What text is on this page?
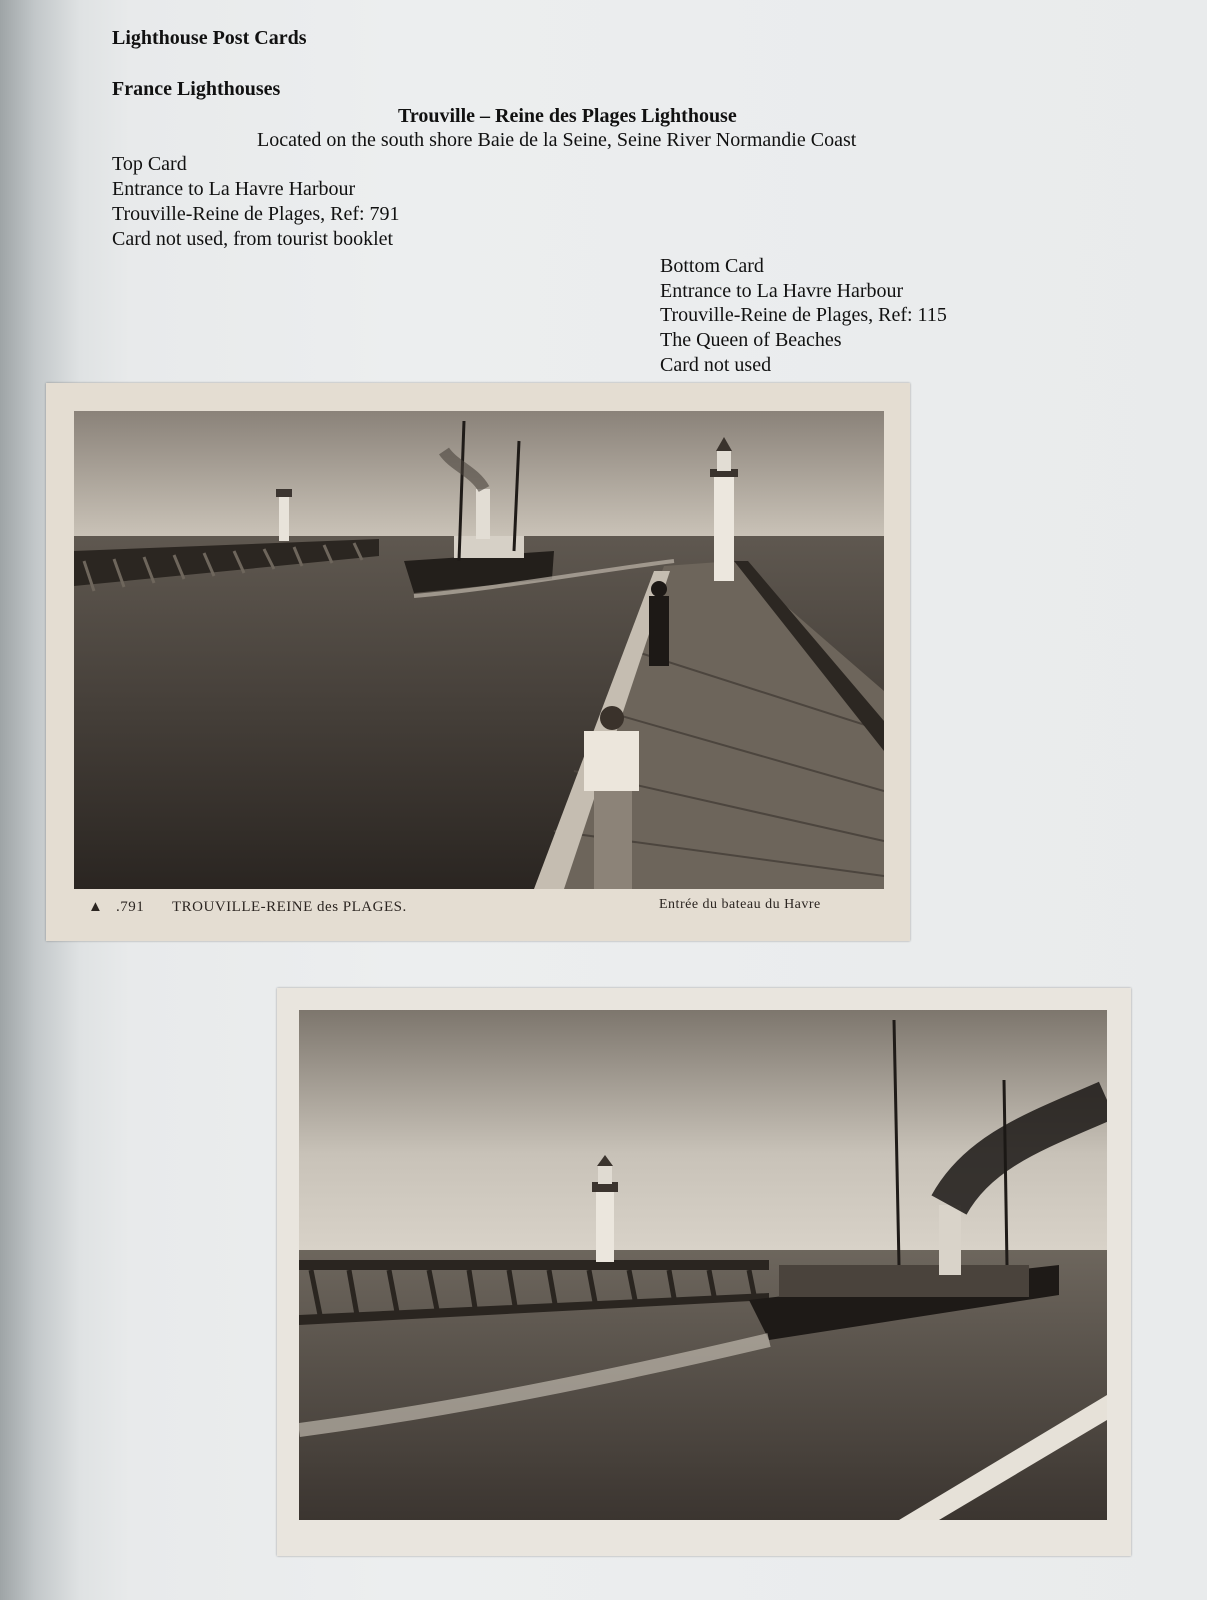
Lighthouse Post Cards
France Lighthouses
Trouville – Reine des Plages Lighthouse
Located on the south shore Baie de la Seine, Seine River Normandie Coast
Top Card
Entrance to La Havre Harbour
Trouville-Reine de Plages, Ref: 791
Card not used, from tourist booklet
Bottom Card
Entrance to La Havre Harbour
Trouville-Reine de Plages, Ref: 115
The Queen of Beaches
Card not used
▲ .791 TROUVILLE-REINE des PLAGES.	Entrée du bateau du Havre
